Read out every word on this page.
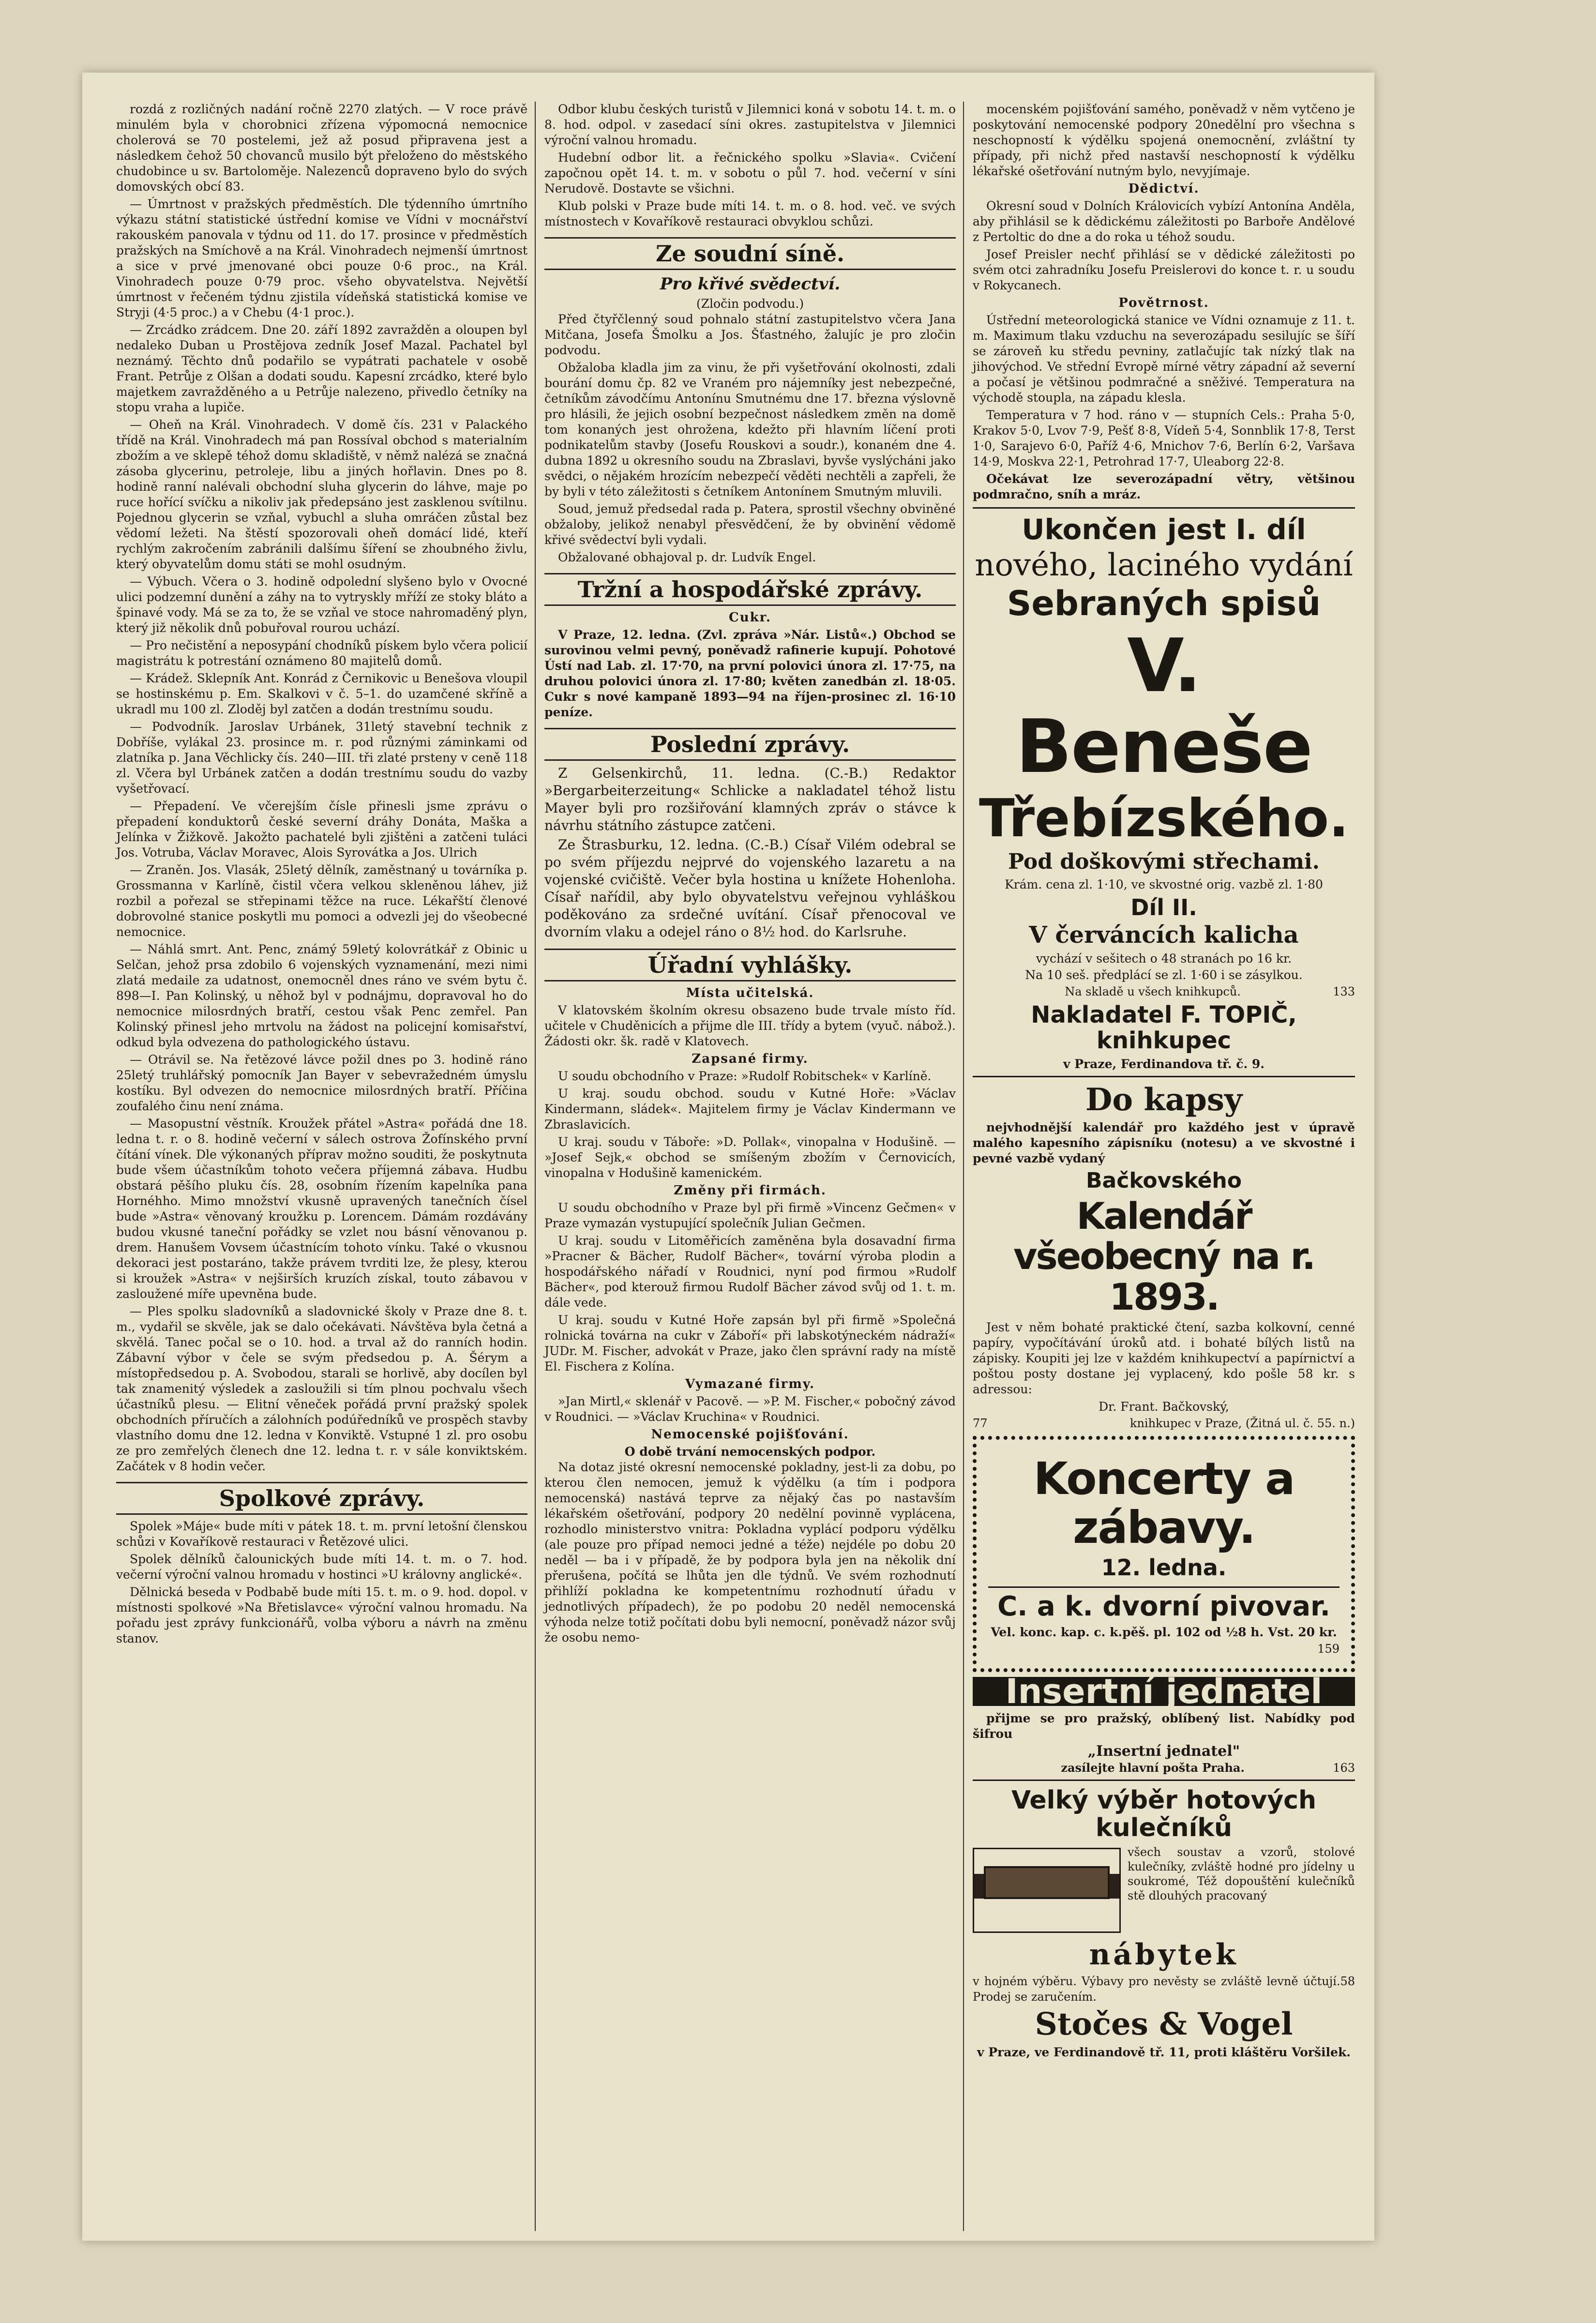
rozdá z rozličných nadání ročně 2270 zlatých. — V roce právě minulém byla v chorobnici zřízena výpomocná nemocnice cholerová se 70 postelemi, jež až posud připravena jest a následkem čehož 50 chovanců musilo být přeloženo do městského chudobince u sv. Bartoloměje. Nalezenců dopraveno bylo do svých domovských obcí 83.

— Úmrtnost v pražských předměstích. Dle týdenního úmrtního výkazu státní statistické ústřední komise ve Vídni v mocnářství rakouském panovala v týdnu od 11. do 17. prosince v předměstích pražských na Smíchově a na Král. Vinohradech nejmenší úmrtnost a sice v prvé jmenované obci pouze 0·6 proc., na Král. Vinohradech pouze 0·79 proc. všeho obyvatelstva. Největší úmrtnost v řečeném týdnu zjistila vídeňská statistická komise ve Stryji (4·5 proc.) a v Chebu (4·1 proc.).

— Zrcádko zrádcem. Dne 20. září 1892 zavražděn a oloupen byl nedaleko Duban u Prostějova zedník Josef Mazal. Pachatel byl neznámý. Těchto dnů podařilo se vypátrati pachatele v osobě Frant. Petrůje z Olšan a dodati soudu. Kapesní zrcádko, které bylo majetkem zavražděného a u Petrůje nalezeno, přivedlo četníky na stopu vraha a lupiče.

— Oheň na Král. Vinohradech. V domě čís. 231 v Palackého třídě na Král. Vinohradech má pan Rossíval obchod s materialním zbožím a ve sklepě téhož domu skladiště, v němž nalézá se značná zásoba glycerinu, petroleje, libu a jiných hořlavin. Dnes po 8. hodině ranní nalévali obchodní sluha glycerin do láhve, maje po ruce hořící svíčku a nikoliv jak předepsáno jest zasklenou svítilnu. Pojednou glycerin se vzňal, vybuchl a sluha omráčen zůstal bez vědomí ležeti. Na štěstí spozorovali oheň domácí lidé, kteří rychlým zakročením zabránili dalšímu šíření se zhoubného živlu, který obyvatelům domu státi se mohl osudným.

— Výbuch. Včera o 3. hodině odpolední slyšeno bylo v Ovocné ulici podzemní dunění a záhy na to vytryskly mříží ze stoky bláto a špinavé vody. Má se za to, že se vzňal ve stoce nahromaděný plyn, který již několik dnů pobuřoval rourou uchází.

— Pro nečistění a neposypání chodníků pískem bylo včera policií magistrátu k potrestání oznámeno 80 majitelů domů.

— Krádež. Sklepník Ant. Konrád z Černikovic u Benešova vloupil se hostinskému p. Em. Skalkovi v č. 5–1. do uzamčené skříně a ukradl mu 100 zl. Zloděj byl zatčen a dodán trestnímu soudu.

— Podvodník. Jaroslav Urbánek, 31letý stavební technik z Dobříše, vylákal 23. prosince m. r. pod různými záminkami od zlatníka p. Jana Věchlicky čís. 240—III. tři zlaté prsteny v ceně 118 zl. Včera byl Urbánek zatčen a dodán trestnímu soudu do vazby vyšetřovací.

— Přepadení. Ve včerejším čísle přinesli jsme zprávu o přepadení konduktorů české severní dráhy Donáta, Maška a Jelínka v Žižkově. Jakožto pachatelé byli zjištěni a zatčeni tuláci Jos. Votruba, Václav Moravec, Alois Syrovátka a Jos. Ulrich

— Zraněn. Jos. Vlasák, 25letý dělník, zaměstnaný u továrníka p. Grossmanna v Karlíně, čistil včera velkou skleněnou láhev, již rozbil a pořezal se střepinami těžce na ruce. Lékařští členové dobrovolné stanice poskytli mu pomoci a odvezli jej do všeobecné nemocnice.

— Náhlá smrt. Ant. Penc, známý 59letý kolovrátkář z Obinic u Selčan, jehož prsa zdobilo 6 vojenských vyznamenání, mezi nimi zlatá medaile za udatnost, onemocněl dnes ráno ve svém bytu č. 898—I. Pan Kolinský, u něhož byl v podnájmu, dopravoval ho do nemocnice milosrdných bratří, cestou však Penc zemřel. Pan Kolinský přinesl jeho mrtvolu na žádost na policejní komisařství, odkud byla odvezena do pathologického ústavu.

— Otrávil se. Na řetězové lávce požil dnes po 3. hodině ráno 25letý truhlářský pomocník Jan Bayer v sebevražedném úmyslu kostíku. Byl odvezen do nemocnice milosrdných bratří. Příčina zoufalého činu není známa.

— Masopustní věstník. Kroužek přátel »Astra« pořádá dne 18. ledna t. r. o 8. hodině večerní v sálech ostrova Žofínského první čítání vínek. Dle výkonaných příprav možno souditi, že poskytnuta bude všem účastníkům tohoto večera příjemná zábava. Hudbu obstará pěšího pluku čís. 28, osobním řízením kapelníka pana Hornéhho. Mimo množství vkusně upravených tanečních čísel bude »Astra« věnovaný kroužku p. Lorencem. Dámám rozdávány budou vkusné taneční pořádky se vzlet nou básní věnovanou p. drem. Hanušem Vovsem účastnícím tohoto vínku. Také o vkusnou dekoraci jest postaráno, takže právem tvrditi lze, že plesy, kterou si kroužek »Astra« v nejširších kruzích získal, touto zábavou v zasloužené míře upevněna bude.

— Ples spolku sladovníků a sladovnické školy v Praze dne 8. t. m., vydařil se skvěle, jak se dalo očekávati. Návštěva byla četná a skvělá. Tanec počal se o 10. hod. a trval až do ranních hodin. Zábavní výbor v čele se svým předsedou p. A. Šérym a místopředsedou p. A. Svobodou, starali se horlivě, aby docílen byl tak znamenitý výsledek a zasloužili si tím plnou pochvalu všech účastníků plesu. — Elitní věneček pořádá první pražský spolek obchodních příručích a zálohních podúředníků ve prospěch stavby vlastního domu dne 12. ledna v Konviktě. Vstupné 1 zl. pro osobu ze pro zemřelých členech dne 12. ledna t. r. v sále konviktském. Začátek v 8 hodin večer.

Spolkové zprávy.

Spolek »Máje« bude míti v pátek 18. t. m. první letošní členskou schůzi v Kovaříkově restauraci v Řetězové ulici.

Spolek dělníků čalounických bude míti 14. t. m. o 7. hod. večerní výroční valnou hromadu v hostinci »U královny anglické«.

Dělnická beseda v Podbabě bude míti 15. t. m. o 9. hod. dopol. v místnosti spolkové »Na Břetislavce« výroční valnou hromadu. Na pořadu jest zprávy funkcionářů, volba výboru a návrh na změnu stanov.

Odbor klubu českých turistů v Jilemnici koná v sobotu 14. t. m. o 8. hod. odpol. v zasedací síni okres. zastupitelstva v Jilemnici výroční valnou hromadu.

Hudební odbor lit. a řečnického spolku »Slavia«. Cvičení započnou opět 14. t. m. v sobotu o půl 7. hod. večerní v síni Nerudově. Dostavte se všichni.

Klub polski v Praze bude míti 14. t. m. o 8. hod. več. ve svých místnostech v Kovaříkově restauraci obvyklou schůzi.

Ze soudní síně.
Pro křivé svědectví.
(Zločin podvodu.)

Před čtyřčlenný soud pohnalo státní zastupitelstvo včera Jana Mitčana, Josefa Šmolku a Jos. Šťastného, žalujíc je pro zločin podvodu.

Obžaloba kladla jim za vinu, že při vyšetřování okolnosti, zdali bourání domu čp. 82 ve Vraném pro nájemníky jest nebezpečné, četníkům závodčímu Antonínu Smutnému dne 17. března výslovně pro hlásili, že jejich osobní bezpečnost následkem změn na domě tom konaných jest ohrožena, kdežto při hlavním líčení proti podnikatelům stavby (Josefu Rouskovi a soudr.), konaném dne 4. dubna 1892 u okresního soudu na Zbraslavi, byvše vyslýcháni jako svědci, o nějakém hrozícím nebezpečí věděti nechtěli a zapřeli, že by byli v této záležitosti s četníkem Antonínem Smutným mluvili.

Soud, jemuž předsedal rada p. Patera, sprostil všechny obviněné obžaloby, jelikož nenabyl přesvědčení, že by obvinění vědomě křivé svědectví byli vydali.

Obžalované obhajoval p. dr. Ludvík Engel.

Tržní a hospodářské zprávy.
Cukr.

V Praze, 12. ledna. (Zvl. zpráva »Nár. Listů«.) Obchod se surovinou velmi pevný, poněvadž rafinerie kupují. Pohotové Ústí nad Lab. zl. 17·70, na první polovici února zl. 17·75, na druhou polovici února zl. 17·80; květen zanedbán zl. 18·05. Cukr s nové kampaně 1893—94 na říjen-prosinec zl. 16·10 peníze.

Poslední zprávy.

Z Gelsenkirchů, 11. ledna. (C.-B.) Redaktor »Bergarbeiterzeitung« Schlicke a nakladatel téhož listu Mayer byli pro rozšiřování klamných zpráv o stávce k návrhu státního zástupce zatčeni.

Ze Štrasburku, 12. ledna. (C.-B.) Císař Vilém odebral se po svém příjezdu nejprvé do vojenského lazaretu a na vojenské cvičiště. Večer byla hostina u knížete Hohenloha. Císař nařídil, aby bylo obyvatelstvu veřejnou vyhláškou poděkováno za srdečné uvítání. Císař přenocoval ve dvorním vlaku a odejel ráno o 8½ hod. do Karlsruhe.

Úřadní vyhlášky.
Místa učitelská.

V klatovském školním okresu obsazeno bude trvale místo říd. učitele v Chuděnicích a přijme dle III. třídy a bytem (vyuč. nábož.). Žádosti okr. šk. radě v Klatovech.

Zapsané firmy.

U soudu obchodního v Praze: »Rudolf Robitschek« v Karlíně.

U kraj. soudu obchod. soudu v Kutné Hoře: »Václav Kindermann, sládek«. Majitelem firmy je Václav Kindermann ve Zbraslavicích.

U kraj. soudu v Táboře: »D. Pollak«, vinopalna v Hodušině. — »Josef Sejk,« obchod se smíšeným zbožím v Černovicích, vinopalna v Hodušině kamenickém.

Změny při firmách.

U soudu obchodního v Praze byl při firmě »Vincenz Gečmen« v Praze vymazán vystupující společník Julian Gečmen.

U kraj. soudu v Litoměřicích zaměněna byla dosavadní firma »Pracner & Bächer, Rudolf Bächer«, tovární výroba plodin a hospodářského nářadí v Roudnici, nyní pod firmou »Rudolf Bächer«, pod kterouž firmou Rudolf Bächer závod svůj od 1. t. m. dále vede.

U kraj. soudu v Kutné Hoře zapsán byl při firmě »Společná rolnická továrna na cukr v Záboří« při labskotýneckém nádraží« JUDr. M. Fischer, advokát v Praze, jako člen správní rady na místě El. Fischera z Kolína.

Vymazané firmy.

»Jan Mirtl,« sklenář v Pacově. — »P. M. Fischer,« pobočný závod v Roudnici. — »Václav Kruchina« v Roudnici.

Nemocenské pojišťování.
O době trvání nemocenských podpor.

Na dotaz jisté okresní nemocenské pokladny, jest-li za dobu, po kterou člen nemocen, jemuž k výdělku (a tím i podpora nemocenská) nastává teprve za nějaký čas po nastavším lékařském ošetřování, podpory 20 nedělní povinně vyplácena, rozhodlo ministerstvo vnitra: Pokladna vyplácí podporu výdělku (ale pouze pro případ nemoci jedné a téže) nejdéle po dobu 20 neděl — ba i v případě, že by podpora byla jen na několik dní přerušena, počítá se lhůta jen dle týdnů. Ve svém rozhodnutí přihlíží pokladna ke kompetentnímu rozhodnutí úřadu v jednotlivých případech), že po podobu 20 neděl nemocenská výhoda nelze totiž počítati dobu byli nemocní, poněvadž názor svůj že osobu nemo-

mocenském pojišťování samého, poněvadž v něm vytčeno je poskytování nemocenské podpory 20nedělní pro všechna s neschopností k výdělku spojená onemocnění, zvláštní ty případy, při nichž před nastavší neschopností k výdělku lékařské ošetřování nutným bylo, nevyjímaje.

Dědictví.

Okresní soud v Dolních Královicích vybízí Antonína Anděla, aby přihlásil se k dědickému záležitosti po Barboře Andělové z Pertoltic do dne a do roka u téhož soudu.

Josef Preisler nechť přihlásí se v dědické záležitosti po svém otci zahradníku Josefu Preislerovi do konce t. r. u soudu v Rokycanech.

Povětrnost.

Ústřední meteorologická stanice ve Vídni oznamuje z 11. t. m. Maximum tlaku vzduchu na severozápadu sesilujíc se šíří se zároveň ku středu pevniny, zatlačujíc tak nízký tlak na jihovýchod. Ve střední Evropě mírné větry západní až severní a počasí je většinou podmračné a sněživé. Temperatura na východě stoupla, na západu klesla.

Temperatura v 7 hod. ráno v — stupních Cels.: Praha 5·0, Krakov 5·0, Lvov 7·9, Pešť 8·8, Vídeň 5·4, Sonnblik 17·8, Terst 1·0, Sarajevo 6·0, Paříž 4·6, Mnichov 7·6, Berlín 6·2, Varšava 14·9, Moskva 22·1, Petrohrad 17·7, Uleaborg 22·8.

Očekávat lze severozápadní větry, většinou podmračno, sníh a mráz.

Ukončen jest I. díl
nového, laciného vydání
Sebraných spisů
V. Beneše
Třebízského.
Pod doškovými střechami.
Krám. cena zl. 1·10, ve skvostné orig. vazbě zl. 1·80
Díl II.
V červáncích kalicha
vychází v sešitech o 48 stranách po 16 kr.
Na 10 seš. předplácí se zl. 1·60 i se zásylkou.
Na skladě u všech knihkupců.	133
Nakladatel F. TOPIČ, knihkupec
v Praze, Ferdinandova tř. č. 9.
Do kapsy

nejvhodnější kalendář pro každého jest v úpravě malého kapesního zápisníku (notesu) a ve skvostné i pevné vazbě vydaný

Bačkovského
Kalendář všeobecný na r. 1893.

Jest v něm bohaté praktické čtení, sazba kolkovní, cenné papíry, vypočítávání úroků atd. i bohaté bílých listů na zápisky. Koupiti jej lze v každém knihkupectví a papírnictví a poštou posty dostane jej vyplacený, kdo pošle 58 kr. s adressou:

Dr. Frant. Bačkovský,
77	knihkupec v Praze, (Žitná ul. č. 55. n.)
Koncerty a zábavy.
12. ledna.
C. a k. dvorní pivovar.
Vel. konc. kap. c. k.pěš. pl. 102 od ½8 h. Vst. 20 kr.
159
Insertní jednatel

přijme se pro pražský, oblíbený list. Nabídky pod šifrou

„Insertní jednatel"
zasílejte hlavní pošta Praha.	163
Velký výběr hotových kulečníků
všech soustav a vzorů, stolové kulečníky, zvláště hodné pro jídelny u soukromé, Též dopouštění kulečníků stě dlouhých pracovaný
nábytek
v hojném výběru. Výbavy pro nevěsty se zvláště levně účtují. Prodej se zaručením.
58
Stočes & Vogel
v Praze, ve Ferdinandově tř. 11, proti kláštěru Voršilek.
